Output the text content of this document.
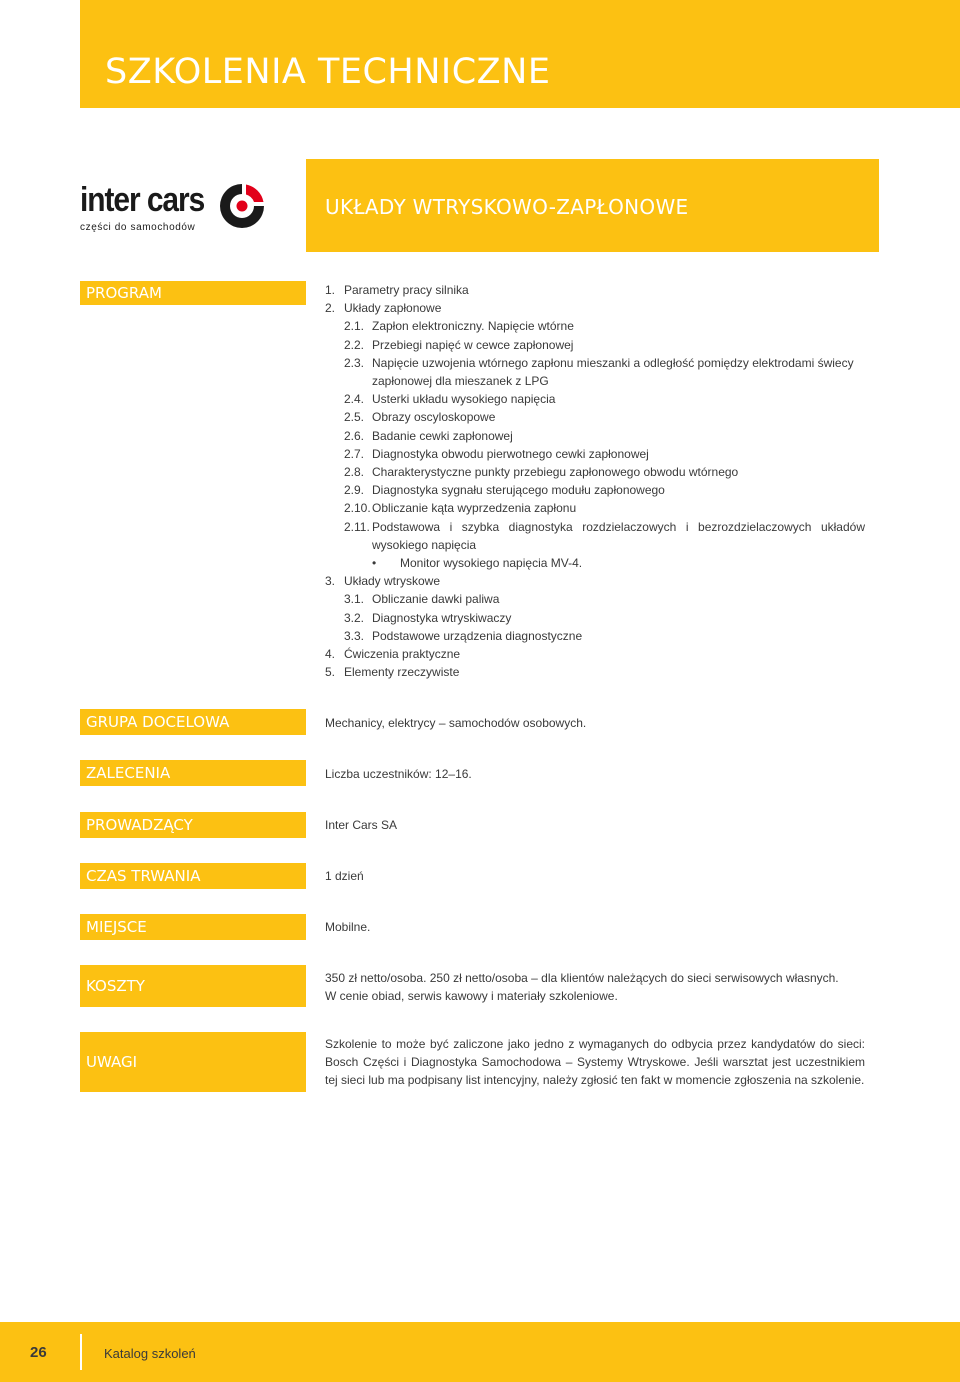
SZKOLENIA TECHNICZNE
inter cars
części do samochodów
UKŁADY WTRYSKOWO-ZAPŁONOWE
PROGRAM	1. Parametry pracy silnika
2. Układy zapłonowe
2.1. Zapłon elektroniczny. Napięcie wtórne
2.2. Przebiegi napięć w cewce zapłonowej
2.3. Napięcie uzwojenia wtórnego zapłonu mieszanki a odległość pomiędzy elektrodami świecy zapłonowej dla mieszanek z LPG
2.4. Usterki układu wysokiego napięcia
2.5. Obrazy oscyloskopowe
2.6. Badanie cewki zapłonowej
2.7. Diagnostyka obwodu pierwotnego cewki zapłonowej
2.8. Charakterystyczne punkty przebiegu zapłonowego obwodu wtórnego
2.9. Diagnostyka sygnału sterującego modułu zapłonowego
2.10. Obliczanie kąta wyprzedzenia zapłonu
2.11. Podstawowa i szybka diagnostyka rozdzielaczowych i bezrozdzielaczowych układów wysokiego napięcia
•	Monitor wysokiego napięcia MV-4.
3. Układy wtryskowe
3.1. Obliczanie dawki paliwa
3.2. Diagnostyka wtryskiwaczy
3.3. Podstawowe urządzenia diagnostyczne
4. Ćwiczenia praktyczne
5. Elementy rzeczywiste
GRUPA DOCELOWA	Mechanicy, elektrycy – samochodów osobowych.
ZALECENIA	Liczba uczestników: 12–16.
PROWADZĄCY	Inter Cars SA
CZAS TRWANIA	1 dzień
MIEJSCE	Mobilne.
KOSZTY	350 zł netto/osoba. 250 zł netto/osoba – dla klientów należących do sieci serwisowych własnych.
W cenie obiad, serwis kawowy i materiały szkoleniowe.
UWAGI
Szkolenie to może być zaliczone jako jedno z wymaganych do odbycia przez kandydatów do sieci: Bosch Części i Diagnostyka Samochodowa – Systemy Wtryskowe. Jeśli warsztat jest uczestnikiem tej sieci lub ma podpisany list intencyjny, należy zgłosić ten fakt w momencie zgłoszenia na szkolenie.
26	Katalog szkoleń
